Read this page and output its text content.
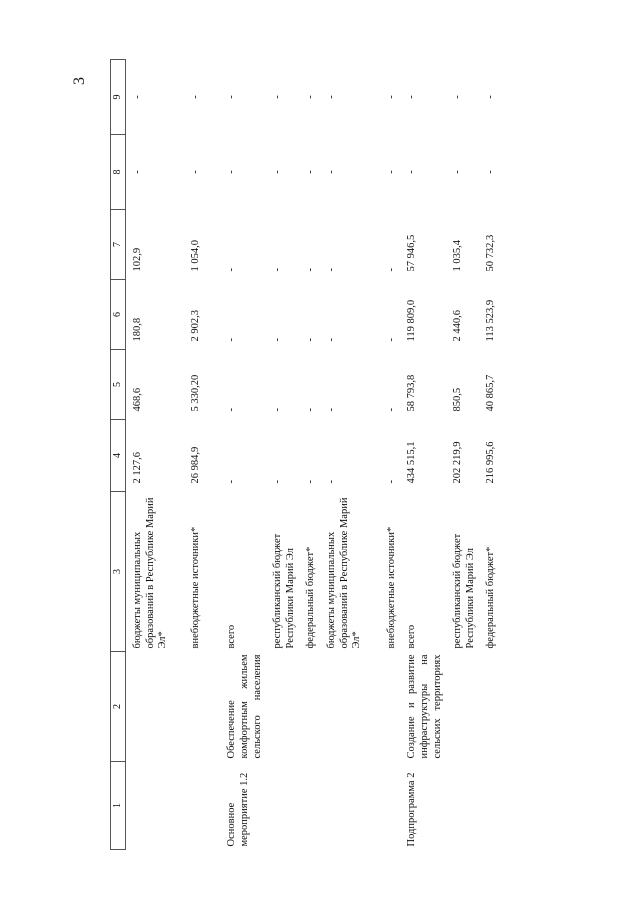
3
1	2	3	4	5	6	7	8	9
		бюджеты муниципальных образований в Республике Марий Эл*	2 127,6	468,6	180,8	102,9	-	-
		внебюджетные источники*	26 984,9	5 330,20	2 902,3	1 054,0	-	-
Основное мероприятие 1.2	Обеспечение комфортным жильем сельского населения	всего	-	-	-	-	-	-
		республиканский бюджет Республики Марий Эл	-	-	-	-	-	-
		федеральный бюджет*	-	-	-	-	-	-
		бюджеты муниципальных образований в Республике Марий Эл*	-	-	-	-	-	-
		внебюджетные источники*	-	-	-	-	-	-
Подпрограмма 2	Создание и развитие инфраструктуры на сельских территориях	всего	434 515,1	58 793,8	119 809,0	57 946,5	-	-
		республиканский бюджет Республики Марий Эл	202 219,9	850,5	2 440,6	1 035,4	-	-
		федеральный бюджет*	216 995,6	40 865,7	113 523,9	50 732,3	-	-
